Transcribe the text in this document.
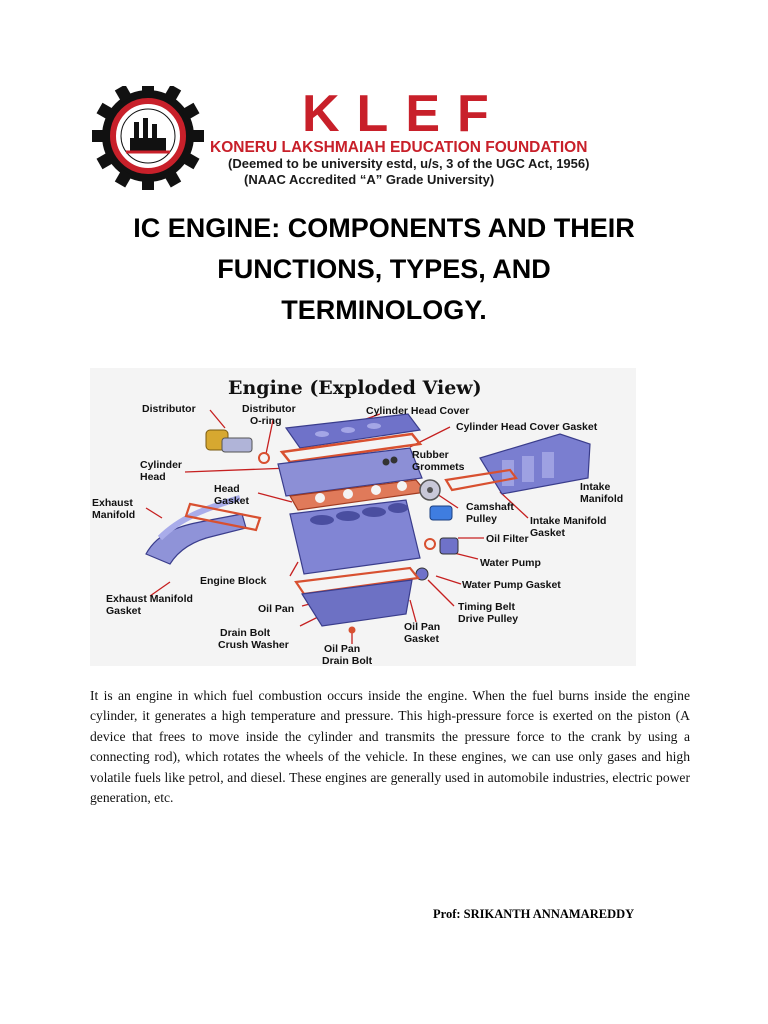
KLEF
KONERU LAKSHMAIAH EDUCATION FOUNDATION
(Deemed to be university estd, u/s, 3 of the UGC Act, 1956)
(NAAC Accredited “A” Grade University)
IC ENGINE: COMPONENTS AND THEIR
FUNCTIONS, TYPES, AND
TERMINOLOGY.
Engine (Exploded View)
Distributor	Distributor
O-ring
Cylinder Head Cover
Cylinder Head Cover Gasket
Cylinder
Head
Rubber
Grommets
Intake
Manifold
Head
Gasket
Exhaust
Manifold
Camshaft
Pulley	Intake Manifold
Gasket
Oil Filter
Water Pump
Engine Block	Water Pump Gasket
Exhaust Manifold
Gasket	Oil Pan	Timing Belt
Drive Pulley
Oil Pan
Gasket
Drain Bolt
Crush Washer	Oil Pan
Drain Bolt

It is an engine in which fuel combustion occurs inside the engine. When the fuel burns inside the engine cylinder, it generates a high temperature and pressure. This high-pressure force is exerted on the piston (A device that frees to move inside the cylinder and transmits the pressure force to the crank by using a connecting rod), which rotates the wheels of the vehicle. In these engines, we can use only gases and high volatile fuels like petrol, and diesel. These engines are generally used in automobile industries, electric power generation, etc.

Prof: SRIKANTH ANNAMAREDDY
